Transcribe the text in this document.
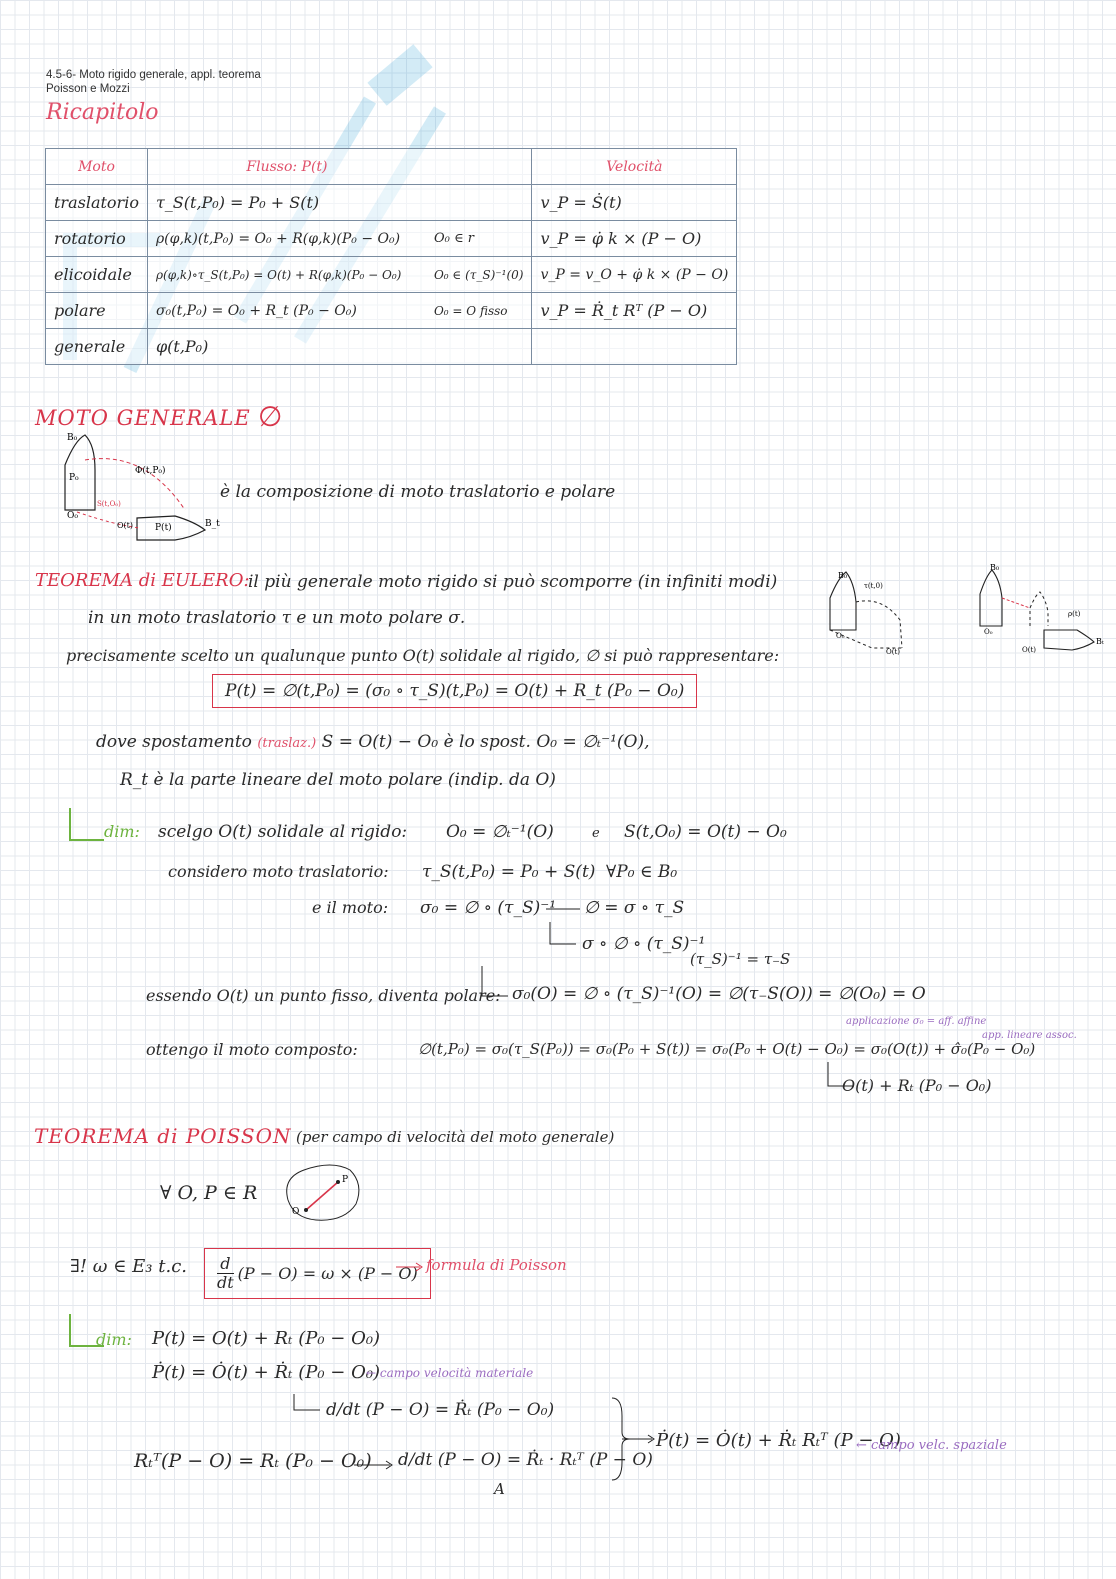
4.5-6- Moto rigido generale, appl. teorema
Poisson e Mozzi
Ricapitolo
Moto	Flusso: P(t)		Velocità
traslatorio	τ_S(t,P₀) = P₀ + S(t)		v_P = Ṡ(t)
rotatorio	ρ(φ,k)(t,P₀) = O₀ + R(φ,k)(P₀ − O₀)	O₀ ∈ r	v_P = φ̇ k × (P − O)
elicoidale	ρ(φ,k)∘τ_S(t,P₀) = O(t) + R(φ,k)(P₀ − O₀)	O₀ ∈ (τ_S)⁻¹(0)	v_P = v_O + φ̇ k × (P − O)
polare	σ₀(t,P₀) = O₀ + R_t (P₀ − O₀)	O₀ = O fisso	v_P = Ṙ_t Rᵀ (P − O)
generale	φ(t,P₀)		
MOTO GENERALE ∅
B₀
P₀
O₀
Φ(t,P₀)
P(t)
O(t)	B_t
S(t,O₀)
è la composizione di moto traslatorio e polare
TEOREMA di EULERO:
il più generale moto rigido si può scomporre (in infiniti modi)
in un moto traslatorio τ e un moto polare σ.
precisamente scelto un qualunque punto O(t) solidale al rigido, ∅ si può rappresentare:
B₀
τ(t,0)
O₀
O(t)
B₀
O₀
O(t)
Bₜ
ρ(t)
P(t) = ∅(t,P₀) = (σ₀ ∘ τ_S)(t,P₀) = O(t) + R_t (P₀ − O₀)
dove spostamento (traslaz.) S = O(t) − O₀ è lo spost. O₀ = ∅ₜ⁻¹(O),
R_t è la parte lineare del moto polare (indip. da O)
dim: scelgo O(t) solidale al rigido: O₀ = ∅ₜ⁻¹(O)	e S(t,O₀) = O(t) − O₀
considero moto traslatorio: τ_S(t,P₀) = P₀ + S(t) ∀P₀ ∈ B₀
e il moto: σ₀ = ∅ ∘ (τ_S)⁻¹ ∅ = σ ∘ τ_S
σ ∘ ∅ ∘ (τ_S)⁻¹
(τ_S)⁻¹ = τ₋S
essendo O(t) un punto fisso, diventa polare: σ₀(O) = ∅ ∘ (τ_S)⁻¹(O) = ∅(τ₋S(O)) = ∅(O₀) = O
applicazione σ₀ = aff. affine
app. lineare assoc.
ottengo il moto composto:	∅(t,P₀) = σ₀(τ_S(P₀)) = σ₀(P₀ + S(t)) = σ₀(P₀ + O(t) − O₀) = σ₀(O(t)) + σ̂₀(P₀ − O₀)
O(t) + Rₜ (P₀ − O₀)
TEOREMA di POISSON (per campo di velocità del moto generale)
∀ O, P ∈ R
O
P
∃! ω ∈ E₃ t.c. $\frac{d}{dt} (P - O) = \omega \times (P - O)$ formula di Poisson
dim: P(t) = O(t) + Rₜ (P₀ − O₀)
Ṗ(t) = Ȯ(t) + Ṙₜ (P₀ − O₀)
← campo velocità materiale
d/dt (P − O) = Ṙₜ (P₀ − O₀)
Rₜᵀ(P − O) = Rₜ (P₀ − O₀) d/dt (P − O) = Ṙₜ · Rₜᵀ (P − O)
A
Ṗ(t) = Ȯ(t) + Ṙₜ Rₜᵀ (P − O)
← campo velc. spaziale
